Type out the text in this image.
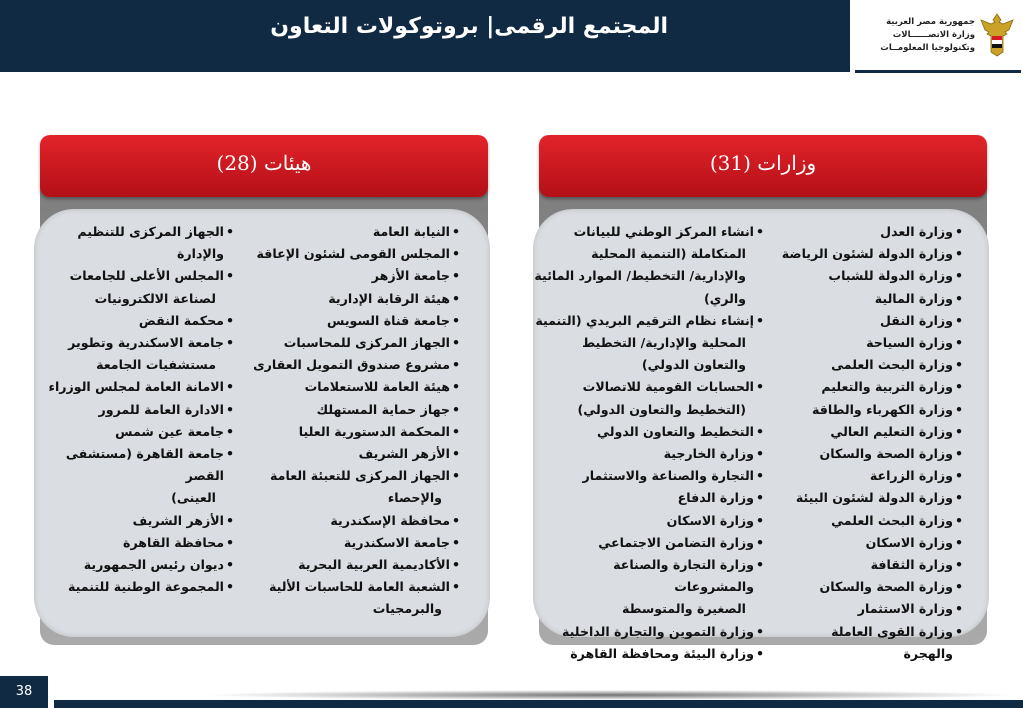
المجتمع الرقمى| بروتوكولات التعاون	جمهورية مصر العربية
وزارة الاتصــــــالات
وتكنولوجيا المعلومــات
• النيابة العامة
• المجلس القومى لشئون الإعاقة
• جامعة الأزهر
• هيئة الرقابة الإدارية
• جامعة قناة السويس
• الجهاز المركزى للمحاسبات
• مشروع صندوق التمويل العقارى
• هيئة العامة للاستعلامات
• جهاز حماية المستهلك
• المحكمة الدستورية العليا
• الأزهر الشريف
• الجهاز المركزى للتعبئة العامة
والإحصاء
• محافظة الإسكندرية
• جامعة الاسكندرية
• الأكاديمية العربية البحرية
• الشعبة العامة للحاسبات الألية
والبرمجيات
• الجهاز المركزى للتنظيم والإدارة
• المجلس الأعلى للجامعات
لصناعة الالكترونيات
• محكمة النقض
• جامعة الاسكندرية وتطوير
مستشفيات الجامعة
• الامانة العامة لمجلس الوزراء
• الادارة العامة للمرور
• جامعة عين شمس
• جامعة القاهرة (مستشفى القصر
العينى)
• الأزهر الشريف
• محافظة القاهرة
• ديوان رئيس الجمهورية
• المجموعة الوطنية للتنمية
هيئات (28)
• وزارة العدل
• وزارة الدولة لشئون الرياضة
• وزارة الدولة للشباب
• وزارة المالية
• وزارة النقل
• وزارة السياحة
• وزارة البحث العلمى
• وزارة التربية والتعليم
• وزارة الكهرباء والطاقة
• وزارة التعليم العالي
• وزارة الصحة والسكان
• وزارة الزراعة
• وزارة الدولة لشئون البيئة
• وزارة البحث العلمي
• وزارة الاسكان
• وزارة الثقافة
• وزارة الصحة والسكان
• وزارة الاستثمار
• وزارة القوى العاملة والهجرة
• انشاء المركز الوطني للبيانات
المتكاملة (التنمية المحلية
والإدارية/ التخطيط/ الموارد المائية
والري)
• إنشاء نظام الترقيم البريدي (التنمية
المحلية والإدارية/ التخطيط
والتعاون الدولي)
• الحسابات القومية للاتصالات
(التخطيط والتعاون الدولي)
• التخطيط والتعاون الدولي
• وزارة الخارجية
• التجارة والصناعة والاستثمار
• وزارة الدفاع
• وزارة الاسكان
• وزارة التضامن الاجتماعي
• وزارة التجارة والصناعة والمشروعات
الصغيرة والمتوسطة
• وزارة التموين والتجارة الداخلية
• وزارة البيئة ومحافظة القاهرة
وزارات (31)
38
